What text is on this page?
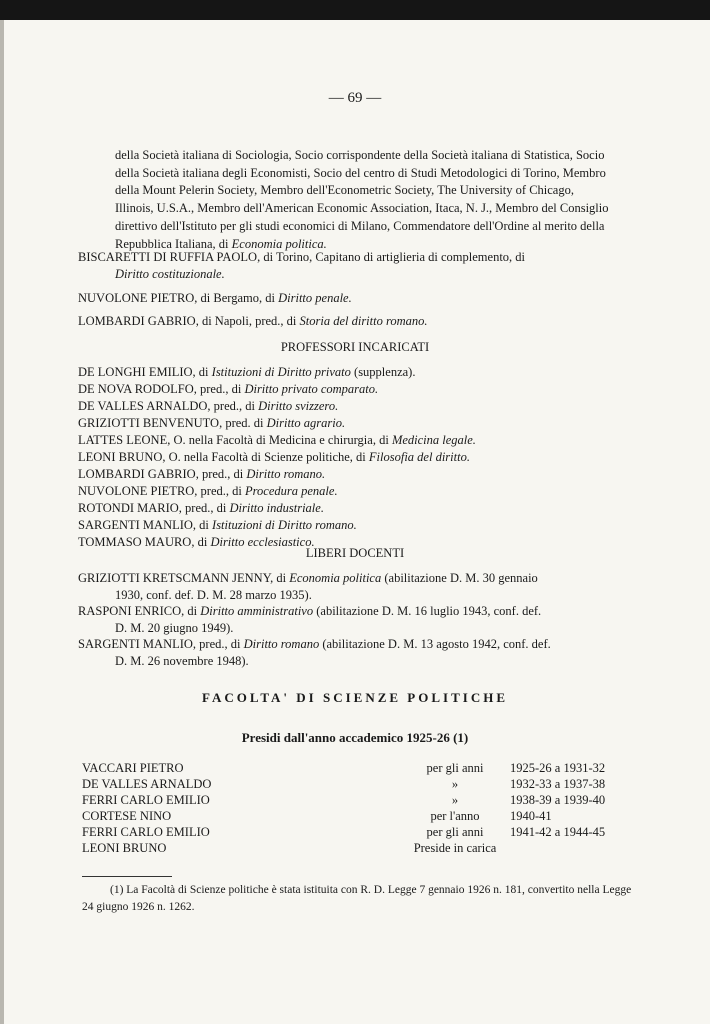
— 69 —
della Società italiana di Sociologia, Socio corrispondente della Società italiana di Statistica, Socio della Società italiana degli Economisti, Socio del centro di Studi Metodologici di Torino, Membro della Mount Pelerin Society, Membro dell'Econometric Society, The University of Chicago, Illinois, U.S.A., Membro dell'American Economic Association, Itaca, N. J., Membro del Consiglio direttivo dell'Istituto per gli studi economici di Milano, Commendatore dell'Ordine al merito della Repubblica Italiana, di Economia politica.
BISCARETTI DI RUFFIA PAOLO, di Torino, Capitano di artiglieria di complemento, di
Diritto costituzionale.
NUVOLONE PIETRO, di Bergamo, di Diritto penale.
LOMBARDI GABRIO, di Napoli, pred., di Storia del diritto romano.
PROFESSORI INCARICATI
DE LONGHI EMILIO, di Istituzioni di Diritto privato (supplenza).
DE NOVA RODOLFO, pred., di Diritto privato comparato.
DE VALLES ARNALDO, pred., di Diritto svizzero.
GRIZIOTTI BENVENUTO, pred. di Diritto agrario.
LATTES LEONE, O. nella Facoltà di Medicina e chirurgia, di Medicina legale.
LEONI BRUNO, O. nella Facoltà di Scienze politiche, di Filosofia del diritto.
LOMBARDI GABRIO, pred., di Diritto romano.
NUVOLONE PIETRO, pred., di Procedura penale.
ROTONDI MARIO, pred., di Diritto industriale.
SARGENTI MANLIO, di Istituzioni di Diritto romano.
TOMMASO MAURO, di Diritto ecclesiastico.
LIBERI DOCENTI
GRIZIOTTI KRETSCMANN JENNY, di Economia politica (abilitazione D. M. 30 gennaio
1930, conf. def. D. M. 28 marzo 1935).
RASPONI ENRICO, di Diritto amministrativo (abilitazione D. M. 16 luglio 1943, conf. def.
D. M. 20 giugno 1949).
SARGENTI MANLIO, pred., di Diritto romano (abilitazione D. M. 13 agosto 1942, conf. def.
D. M. 26 novembre 1948).
FACOLTA' DI SCIENZE POLITICHE
Presidi dall'anno accademico 1925-26 (1)
VACCARI PIETRO	per gli anni	1925-26 a 1931-32
DE VALLES ARNALDO	»	1932-33 a 1937-38
FERRI CARLO EMILIO	»	1938-39 a 1939-40
CORTESE NINO	per l'anno	1940-41
FERRI CARLO EMILIO	per gli anni	1941-42 a 1944-45
LEONI BRUNO	Preside in carica
(1) La Facoltà di Scienze politiche è stata istituita con R. D. Legge 7 gennaio 1926 n. 181, convertito nella Legge 24 giugno 1926 n. 1262.
